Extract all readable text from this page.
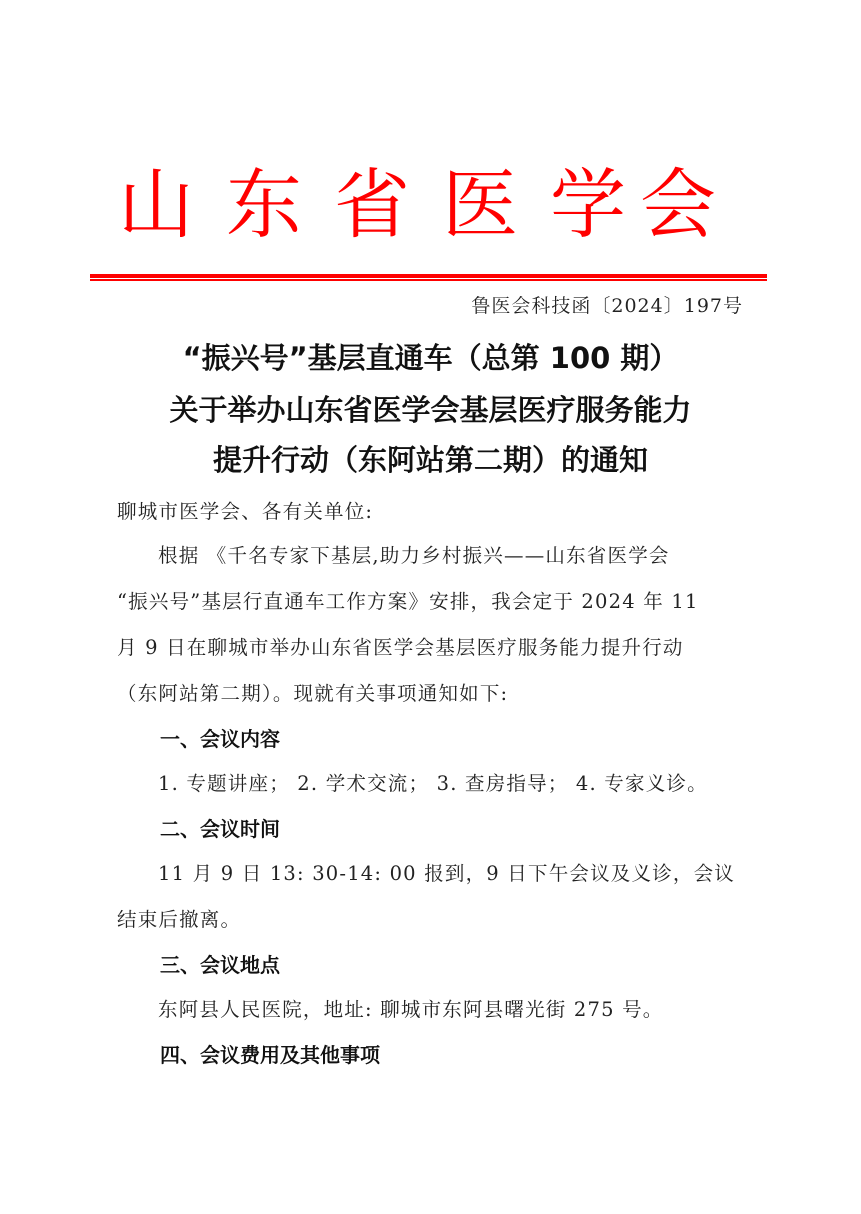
山 东 省 医 学 会
鲁医会科技函〔2024〕197号
“振兴号”基层直通车（总第 100 期）
关于举办山东省医学会基层医疗服务能力
提升行动（东阿站第二期）的通知
聊城市医学会、各有关单位:
根据 《千名专家下基层,助力乡村振兴——山东省医学会
“振兴号”基层行直通车工作方案》安排，我会定于 2024 年 11
月 9 日在聊城市举办山东省医学会基层医疗服务能力提升行动
（东阿站第二期）。现就有关事项通知如下:
一、会议内容
1. 专题讲座； 2. 学术交流； 3. 查房指导； 4. 专家义诊。
二、会议时间
11 月 9 日 13: 30-14: 00 报到，9 日下午会议及义诊，会议
结束后撤离。
三、会议地点
东阿县人民医院，地址: 聊城市东阿县曙光街 275 号。
四、会议费用及其他事项
